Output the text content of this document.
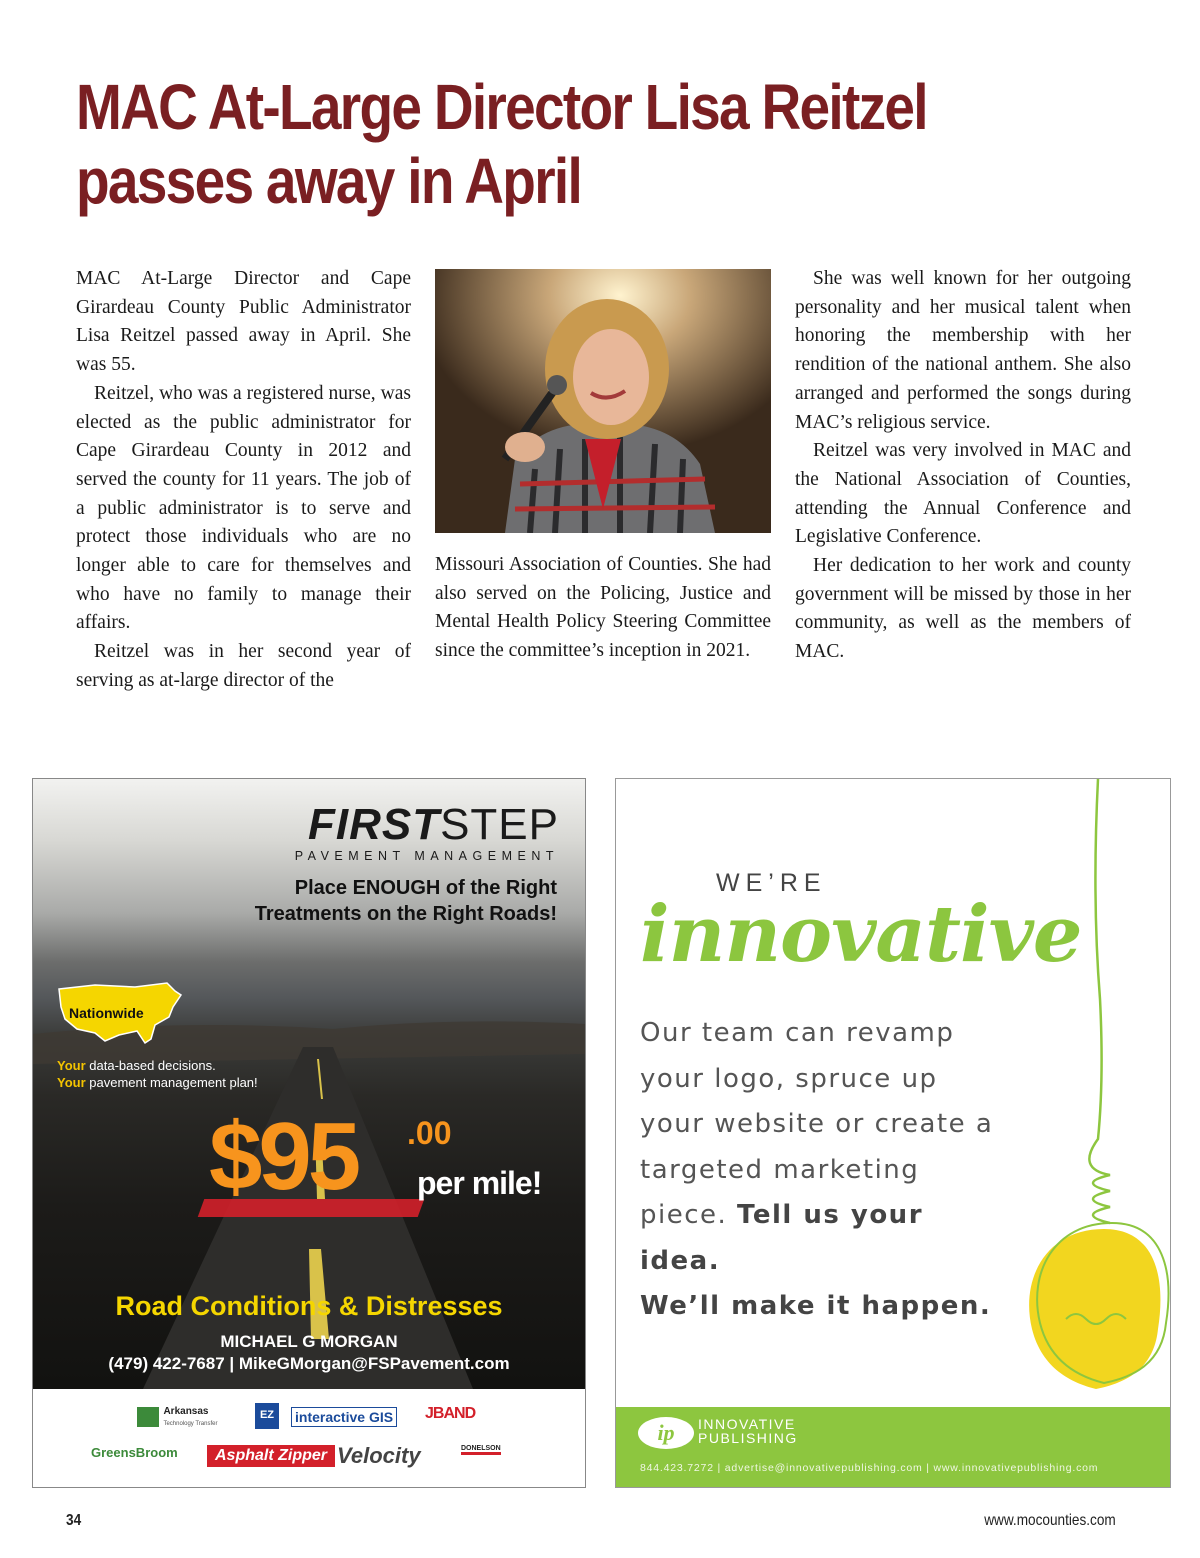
MAC At-Large Director Lisa Reitzel passes away in April

MAC At-Large Director and Cape Girardeau County Public Administrator Lisa Reitzel passed away in April. She was 55.

Reitzel, who was a registered nurse, was elected as the public administrator for Cape Girardeau County in 2012 and served the county for 11 years. The job of a public administrator is to serve and protect those individuals who are no longer able to care for themselves and who have no family to manage their affairs.

Reitzel was in her second year of serving as at-large director of the

Missouri Association of Counties. She had also served on the Policing, Justice and Mental Health Policy Steering Committee since the committee’s inception in 2021.

She was well known for her outgoing personality and her musical talent when honoring the membership with her rendition of the national anthem. She also arranged and performed the songs during MAC’s religious service.

Reitzel was very involved in MAC and the National Association of Counties, attending the Annual Conference and Legislative Conference.

Her dedication to her work and county government will be missed by those in her community, as well as the members of MAC.

FIRSTSTEP
PAVEMENT MANAGEMENT
Place ENOUGH of the Right
Treatments on the Right Roads!
Nationwide
Your data-based decisions.
Your pavement management plan!
$95 .00
per mile!
Road Conditions & Distresses
MICHAEL G MORGAN
(479) 422-7687 | MikeGMorgan@FSPavement.com
Arkansas
Technology Transfer
EZ	interactive GIS JBAND
GreensBroom	Asphalt Zipper Velocity	DONELSON
WE’RE
innovative
Our team can revamp your logo, spruce up your website or create a targeted marketing piece. Tell us your idea.
We’ll make it happen.
ip	INNOVATIVE
PUBLISHING
844.423.7272 | advertise@innovativepublishing.com | www.innovativepublishing.com
34	www.mocounties.com
